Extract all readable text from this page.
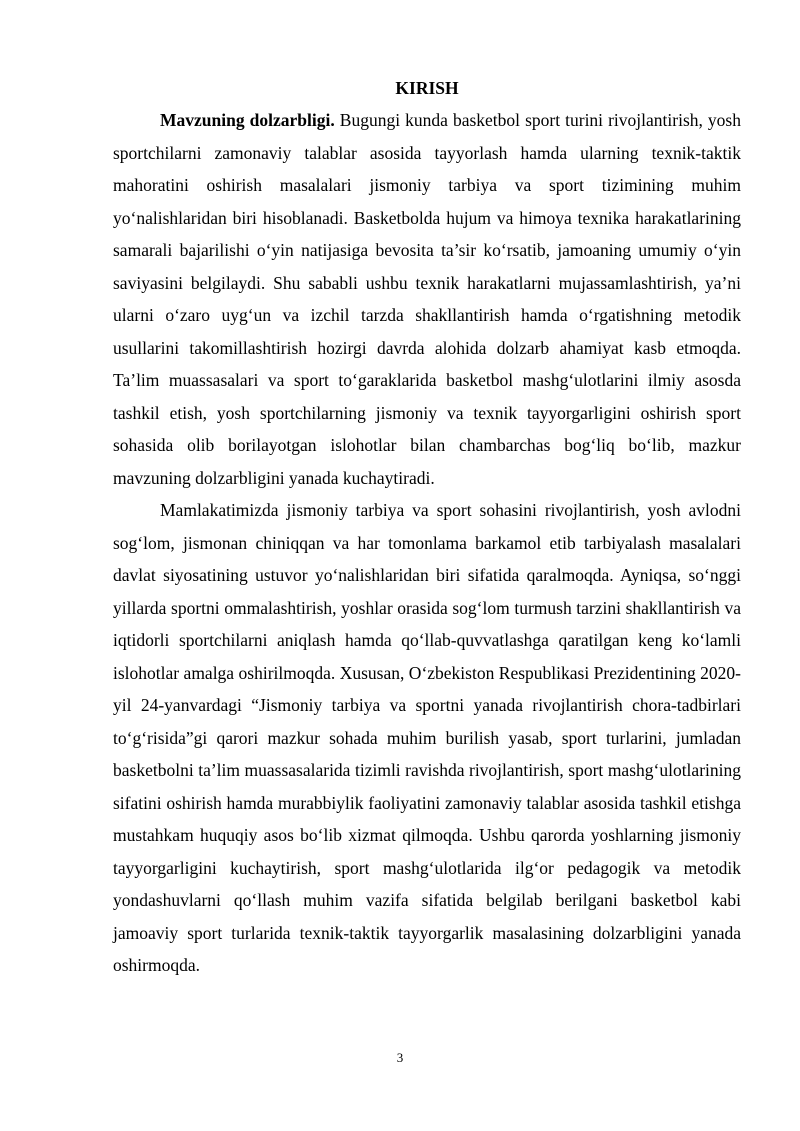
KIRISH

Mavzuning dolzarbligi. Bugungi kunda basketbol sport turini rivojlantirish, yosh sportchilarni zamonaviy talablar asosida tayyorlash hamda ularning texnik-taktik mahoratini oshirish masalalari jismoniy tarbiya va sport tizimining muhim yo‘nalishlaridan biri hisoblanadi. Basketbolda hujum va himoya texnika harakatlarining samarali bajarilishi o‘yin natijasiga bevosita ta’sir ko‘rsatib, jamoaning umumiy o‘yin saviyasini belgilaydi. Shu sababli ushbu texnik harakatlarni mujassamlashtirish, ya’ni ularni o‘zaro uyg‘un va izchil tarzda shakllantirish hamda o‘rgatishning metodik usullarini takomillashtirish hozirgi davrda alohida dolzarb ahamiyat kasb etmoqda. Ta’lim muassasalari va sport to‘garaklarida basketbol mashg‘ulotlarini ilmiy asosda tashkil etish, yosh sportchilarning jismoniy va texnik tayyorgarligini oshirish sport sohasida olib borilayotgan islohotlar bilan chambarchas bog‘liq bo‘lib, mazkur mavzuning dolzarbligini yanada kuchaytiradi.

Mamlakatimizda jismoniy tarbiya va sport sohasini rivojlantirish, yosh avlodni sog‘lom, jismonan chiniqqan va har tomonlama barkamol etib tarbiyalash masalalari davlat siyosatining ustuvor yo‘nalishlaridan biri sifatida qaralmoqda. Ayniqsa, so‘nggi yillarda sportni ommalashtirish, yoshlar orasida sog‘lom turmush tarzini shakllantirish va iqtidorli sportchilarni aniqlash hamda qo‘llab-quvvatlashga qaratilgan keng ko‘lamli islohotlar amalga oshirilmoqda. Xususan, O‘zbekiston Respublikasi Prezidentining 2020-yil 24-yanvardagi “Jismoniy tarbiya va sportni yanada rivojlantirish chora-tadbirlari to‘g‘risida”gi qarori mazkur sohada muhim burilish yasab, sport turlarini, jumladan basketbolni ta’lim muassasalarida tizimli ravishda rivojlantirish, sport mashg‘ulotlarining sifatini oshirish hamda murabbiylik faoliyatini zamonaviy talablar asosida tashkil etishga mustahkam huquqiy asos bo‘lib xizmat qilmoqda. Ushbu qarorda yoshlarning jismoniy tayyorgarligini kuchaytirish, sport mashg‘ulotlarida ilg‘or pedagogik va metodik yondashuvlarni qo‘llash muhim vazifa sifatida belgilab berilgani basketbol kabi jamoaviy sport turlarida texnik-taktik tayyorgarlik masalasining dolzarbligini yanada oshirmoqda.

3
